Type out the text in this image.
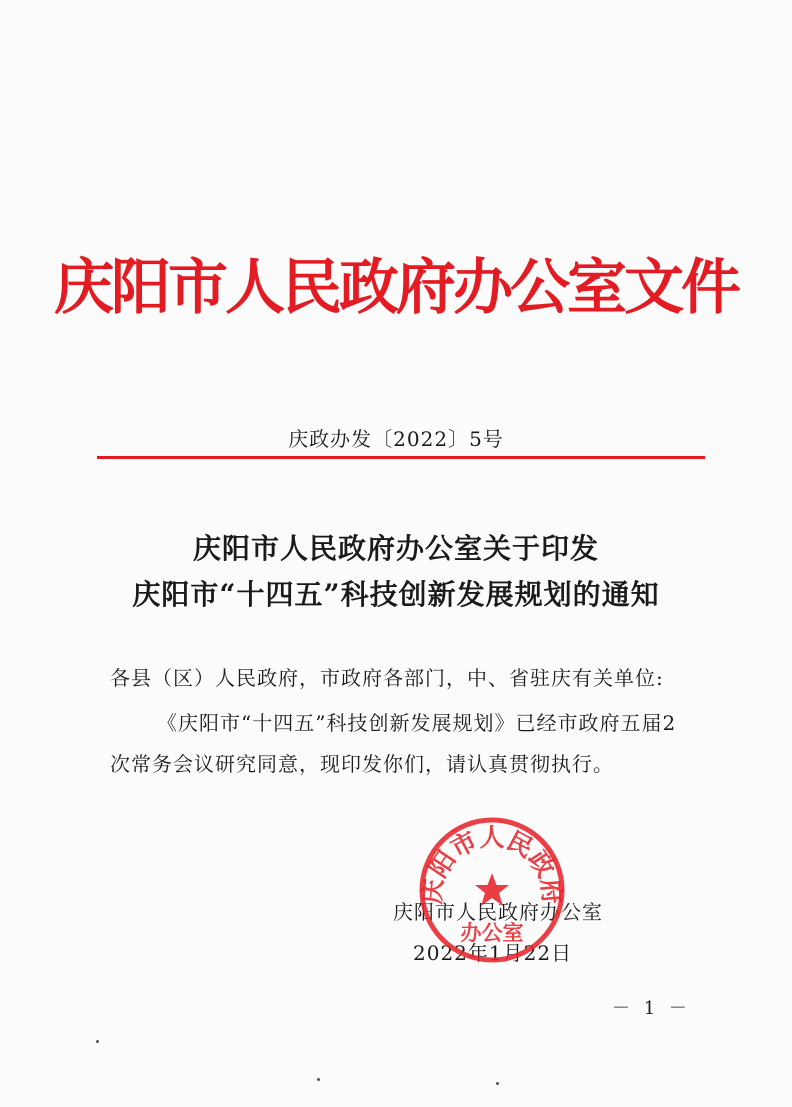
庆阳市人民政府办公室文件
庆政办发〔2022〕5号
庆阳市人民政府办公室关于印发
庆阳市“十四五”科技创新发展规划的通知
各县（区）人民政府，市政府各部门，中、省驻庆有关单位:
《庆阳市“十四五”科技创新发展规划》已经市政府五届2
次常务会议研究同意，现印发你们，请认真贯彻执行。
庆阳市人民政府办公室
2022年1月22日
庆阳市人民政府
办公室
－ 1 －
